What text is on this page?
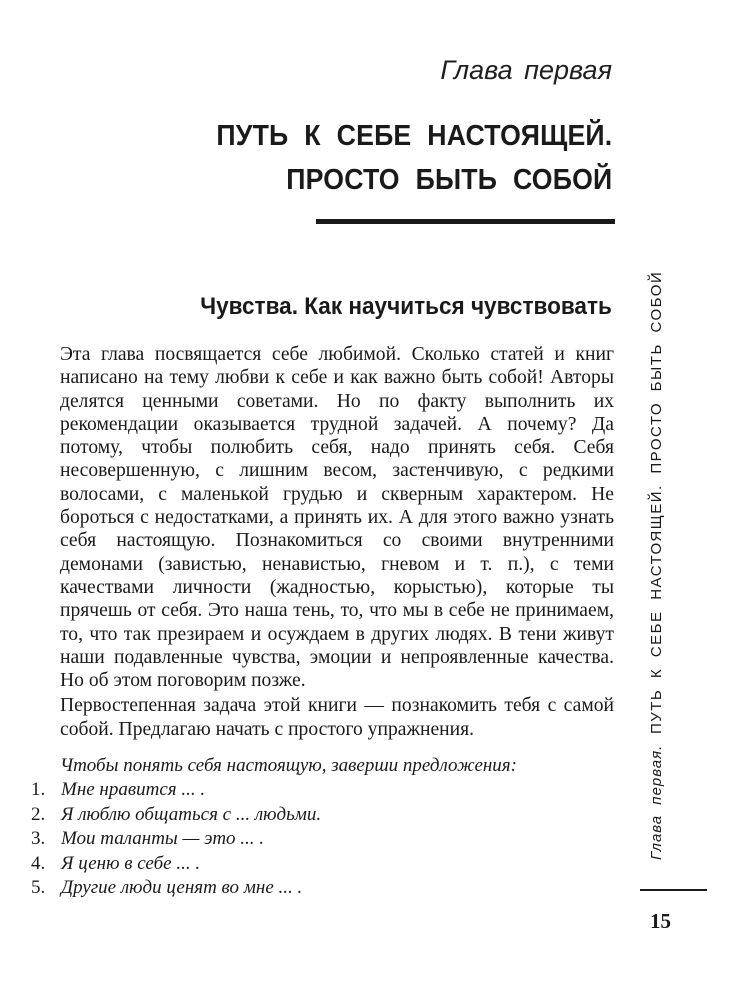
Глава первая
ПУТЬ К СЕБЕ НАСТОЯЩЕЙ.
ПРОСТО БЫТЬ СОБОЙ
Чувства. Как научиться чувствовать

Эта глава посвящается себе любимой. Сколько статей и книг написано на тему любви к себе и как важно быть собой! Авторы делятся ценными советами. Но по факту выполнить их рекомендации оказывается трудной задачей. А почему? Да потому, чтобы полюбить себя, надо принять себя. Себя несовершенную, с лишним весом, застенчивую, с редкими волосами, с маленькой грудью и скверным характером. Не бороться с недостатками, а принять их. А для этого важно узнать себя настоящую. Познакомиться со своими внутренними демонами (завистью, ненавистью, гневом и т. п.), с теми качествами личности (жадностью, корыстью), которые ты прячешь от себя. Это наша тень, то, что мы в себе не принимаем, то, что так презираем и осуждаем в других людях. В тени живут наши подавленные чувства, эмоции и непроявленные качества. Но об этом поговорим позже.

Первостепенная задача этой книги — познакомить тебя с самой собой. Предлагаю начать с простого упражнения.

Чтобы понять себя настоящую, заверши предложения:
1. Мне нравится ... .
2. Я люблю общаться с ... людьми.
3. Мои таланты — это ... .
4. Я ценю в себе ... .
5. Другие люди ценят во мне ... .
Глава первая. ПУТЬ К СЕБЕ НАСТОЯЩЕЙ. ПРОСТО БЫТЬ СОБОЙ
15
